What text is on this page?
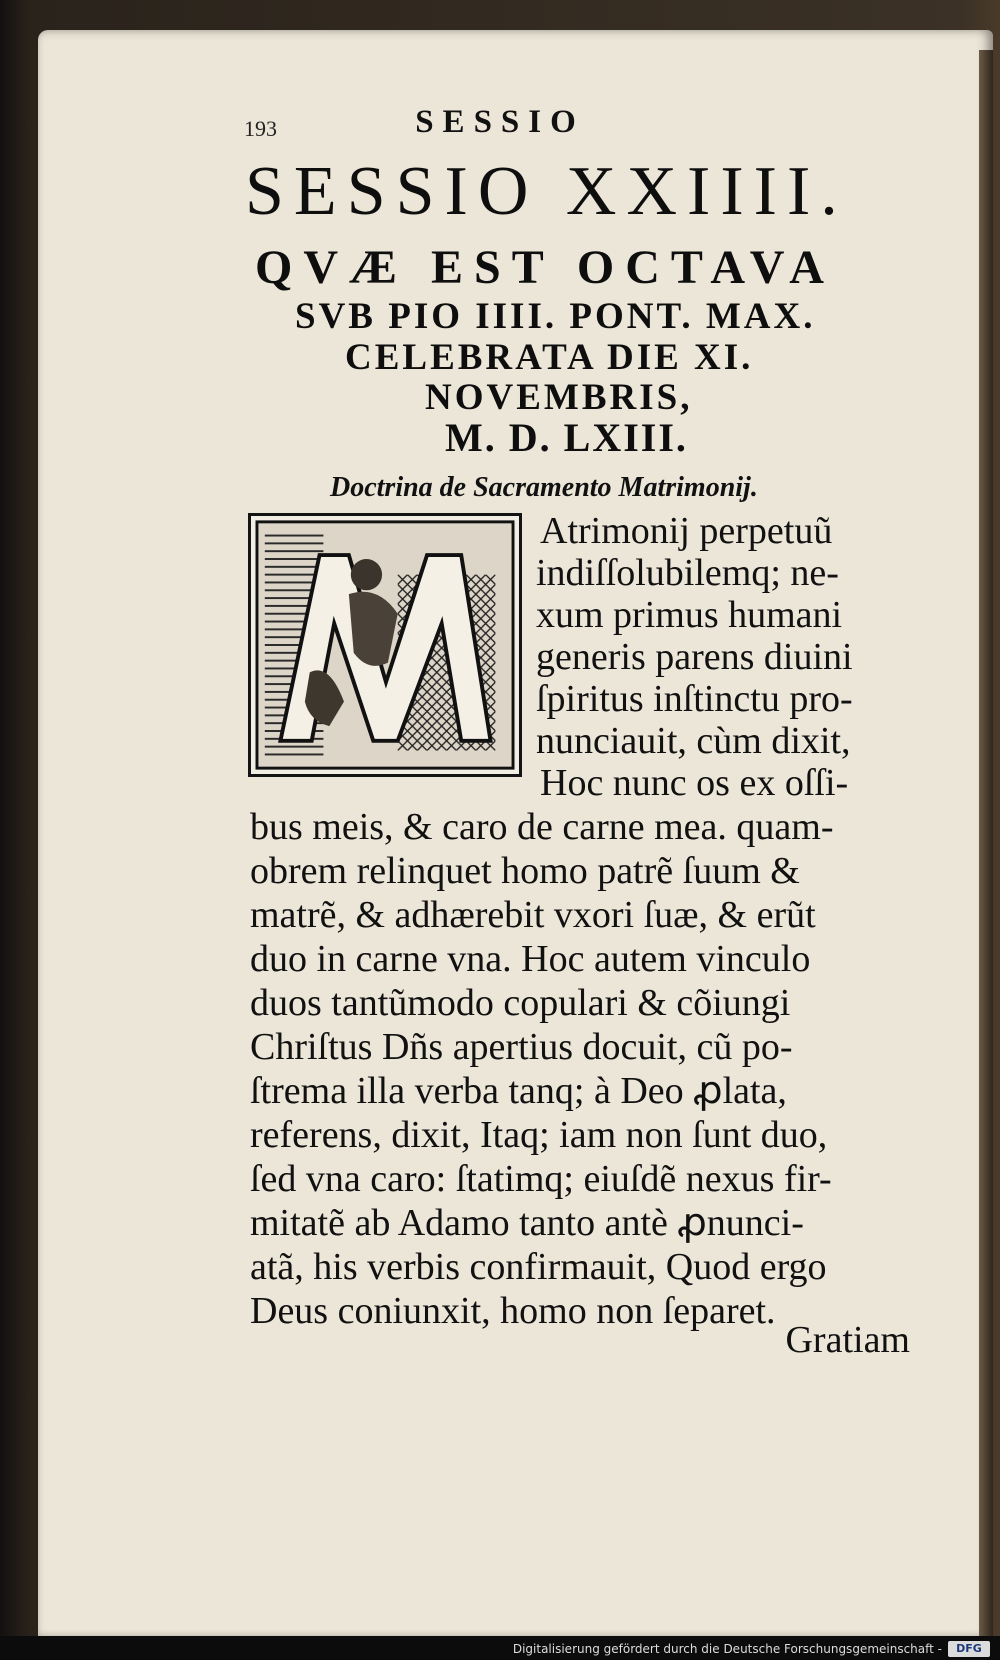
193	SESSIO
SESSIO XXIIII.
QVÆ EST OCTAVA
SVB PIO IIII. PONT. MAX.
CELEBRATA DIE XI.
NOVEMBRIS,
M. D. LXIII.
Doctrina de Sacramento Matrimonij.
Atrimonij perpetuũ
indiſſolubilemq; ne-
xum primus humani
generis parens diuini
ſpiritus inſtinctu pro-
nunciauit, cùm dixit,
Hoc nunc os ex oſſi-
bus meis, & caro de carne mea. quam-
obrem relinquet homo patrẽ ſuum &
matrẽ, & adhærebit vxori ſuæ, & erũt
duo in carne vna. Hoc autem vinculo
duos tantũmodo copulari & cõiungi
Chriſtus Dñs apertius docuit, cũ po-
ſtrema illa verba tanq; à Deo ꝓlata,
referens, dixit, Itaq; iam non ſunt duo,
ſed vna caro: ſtatimq; eiuſdẽ nexus fir-
mitatẽ ab Adamo tanto antè ꝓnunci-
atã, his verbis confirmauit, Quod ergo
Deus coniunxit, homo non ſeparet.
Gratiam
Digitalisierung gefördert durch die Deutsche Forschungsgemeinschaft -	DFG
